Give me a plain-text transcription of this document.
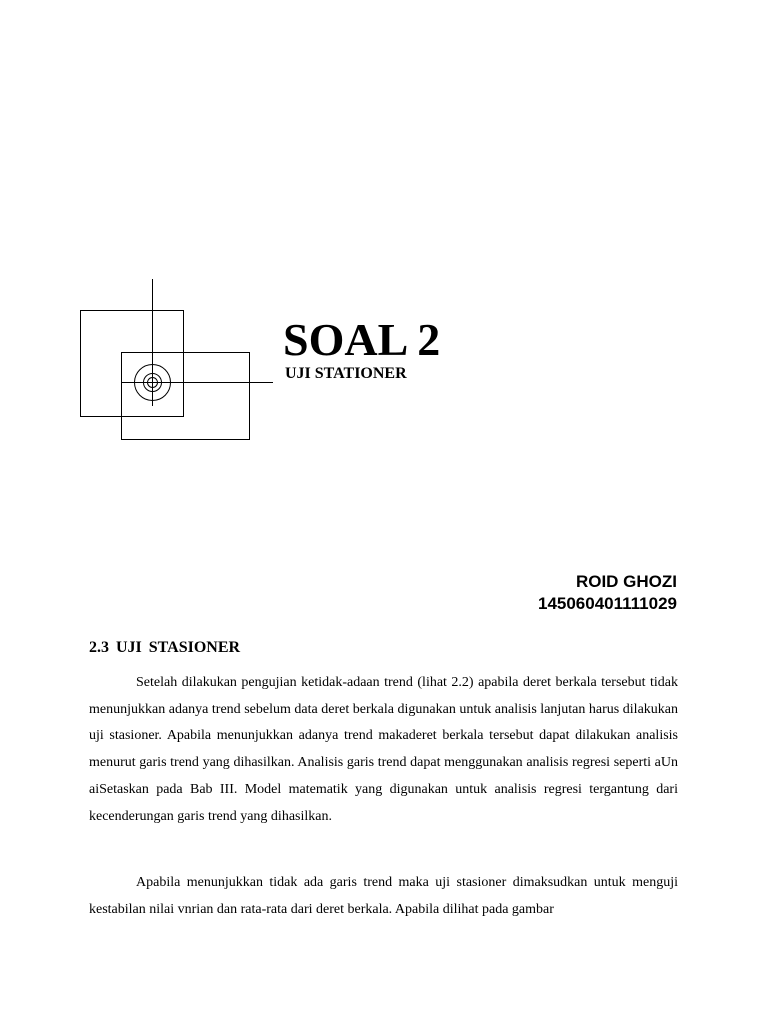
SOAL 2
UJI STATIONER
ROID GHOZI
145060401111029
2.3 UJI STASIONER

Setelah dilakukan pengujian ketidak-adaan trend (lihat 2.2) apabila deret berkala tersebut tidak menunjukkan adanya trend sebelum data deret berkala digunakan untuk analisis lanjutan harus dilakukan uji stasioner. Apabila menunjukkan adanya trend makaderet berkala tersebut dapat dilakukan analisis menurut garis trend yang dihasilkan. Analisis garis trend dapat menggunakan analisis regresi seperti aUn aiSetaskan pada Bab III. Model matematik yang digunakan untuk analisis regresi tergantung dari kecenderungan garis trend yang dihasilkan.

Apabila menunjukkan tidak ada garis trend maka uji stasioner dimaksudkan untuk menguji kestabilan nilai vnrian dan rata-rata dari deret berkala. Apabila dilihat pada gambar
